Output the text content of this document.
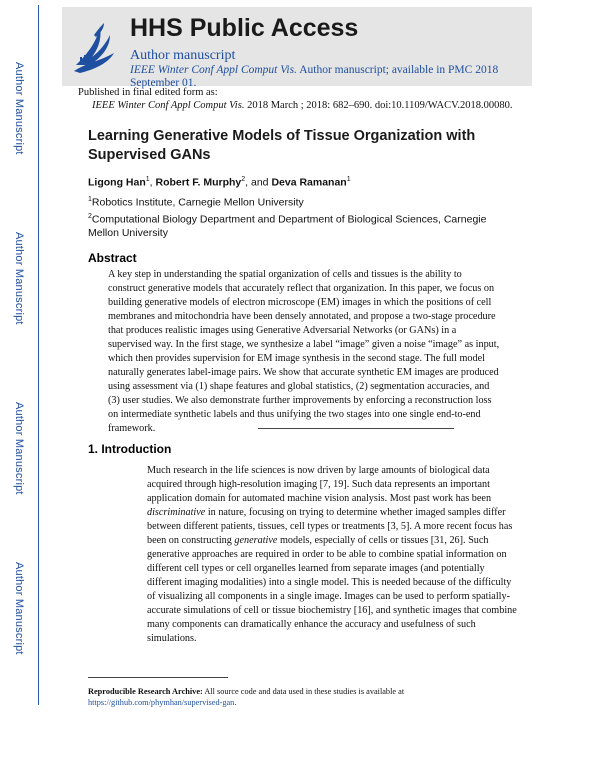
Author Manuscript
Author Manuscript
Author Manuscript
Author Manuscript
HHS Public Access
Author manuscript
IEEE Winter Conf Appl Comput Vis. Author manuscript; available in PMC 2018 September 01.
Published in final edited form as:
IEEE Winter Conf Appl Comput Vis. 2018 March ; 2018: 682–690. doi:10.1109/WACV.2018.00080.
Learning Generative Models of Tissue Organization with Supervised GANs
Ligong Han$^1$, Robert F. Murphy$^2$, and Deva Ramanan$^1$
$^1$Robotics Institute, Carnegie Mellon University
$^2$Computational Biology Department and Department of Biological Sciences, Carnegie Mellon University
Abstract
A key step in understanding the spatial organization of cells and tissues is the ability to construct generative models that accurately reflect that organization. In this paper, we focus on building generative models of electron microscope (EM) images in which the positions of cell membranes and mitochondria have been densely annotated, and propose a two-stage procedure that produces realistic images using Generative Adversarial Networks (or GANs) in a supervised way. In the first stage, we synthesize a label “image” given a noise “image” as input, which then provides supervision for EM image synthesis in the second stage. The full model naturally generates label-image pairs. We show that accurate synthetic EM images are produced using assessment via (1) shape features and global statistics, (2) segmentation accuracies, and (3) user studies. We also demonstrate further improvements by enforcing a reconstruction loss on intermediate synthetic labels and thus unifying the two stages into one single end-to-end framework.
1. Introduction
Much research in the life sciences is now driven by large amounts of biological data acquired through high-resolution imaging [7, 19]. Such data represents an important application domain for automated machine vision analysis. Most past work has been discriminative in nature, focusing on trying to determine whether imaged samples differ between different patients, tissues, cell types or treatments [3, 5]. A more recent focus has been on constructing generative models, especially of cells or tissues [31, 26]. Such generative approaches are required in order to be able to combine spatial information on different cell types or cell organelles learned from separate images (and potentially different imaging modalities) into a single model. This is needed because of the difficulty of visualizing all components in a single image. Images can be used to perform spatially-accurate simulations of cell or tissue biochemistry [16], and synthetic images that combine many components can dramatically enhance the accuracy and usefulness of such simulations.
Reproducible Research Archive: All source code and data used in these studies is available at https://github.com/phymhan/supervised-gan.
